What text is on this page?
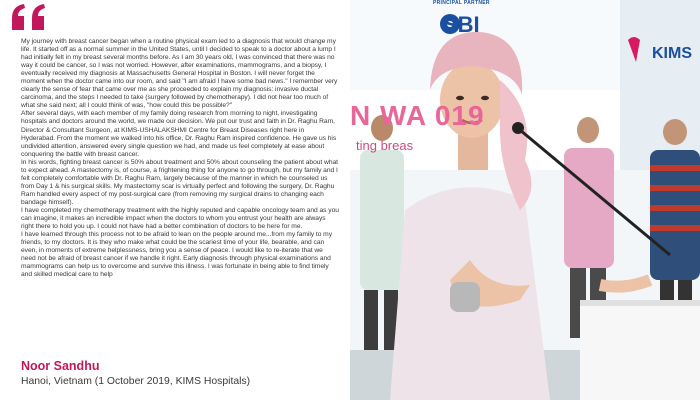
My journey with breast cancer began when a routine physical exam led to a diagnosis that would change my life. It started off as a normal summer in the United States, until I decided to speak to a doctor about a lump I had initially felt in my breast several months before. As I am 30 years old, I was convinced that there was no way it could be cancer, so I was not worried. However, after examinations, mammograms, and a biopsy, I eventually received my diagnosis at Massachusetts General Hospital in Boston. I will never forget the moment when the doctor came into our room, and said "I am afraid I have some bad news." I remember very clearly the sense of fear that came over me as she proceeded to explain my diagnosis: invasive ductal carcinoma, and the steps I needed to take (surgery followed by chemotherapy). I did not hear too much of what she said next; all I could think of was, "how could this be possible?"

After several days, with each member of my family doing research from morning to night, investigating hospitals and doctors around the world, we made our decision. We put our trust and faith in Dr. Raghu Ram, Director & Consultant Surgeon, at KIMS-USHALAKSHMI Centre for Breast Diseases right here in Hyderabad. From the moment we walked into his office, Dr. Raghu Ram inspired confidence. He gave us his undivided attention, answered every single question we had, and made us feel completely at ease about conquering the battle with breast cancer.

In his words, fighting breast cancer is 50% about treatment and 50% about counseling the patient about what to expect ahead. A mastectomy is, of course, a frightening thing for anyone to go through, but my family and I felt completely comfortable with Dr. Raghu Ram, largely because of the manner in which he counseled us from Day 1 & his surgical skills. My mastectomy scar is virtually perfect and following the surgery, Dr. Raghu Ram handled every aspect of my post-surgical care (from removing my surgical drains to changing each bandage himself).

I have completed my chemotherapy treatment with the highly reputed and capable oncology team and as you can imagine, it makes an incredible impact when the doctors to whom you entrust your health are always right there to hold you up. I could not have had a better combination of doctors to be here for me.

I have learned through this process not to be afraid to lean on the people around me...from my family to my friends, to my doctors. It is they who make what could be the scariest time of your life, bearable, and can even, in moments of extreme helplessness, bring you a sense of peace. I would like to re-iterate that we need not be afraid of breast cancer if we handle it right. Early diagnosis through physical examinations and mammograms can help us to overcome and survive this illness. I was fortunate in being able to find timely and skilled medical care to help

Noor Sandhu
Hanoi, Vietnam (1 October 2019, KIMS Hospitals)
PRINCIPAL PARTNER
SBI
KIMS
N WA 019
ting breas
